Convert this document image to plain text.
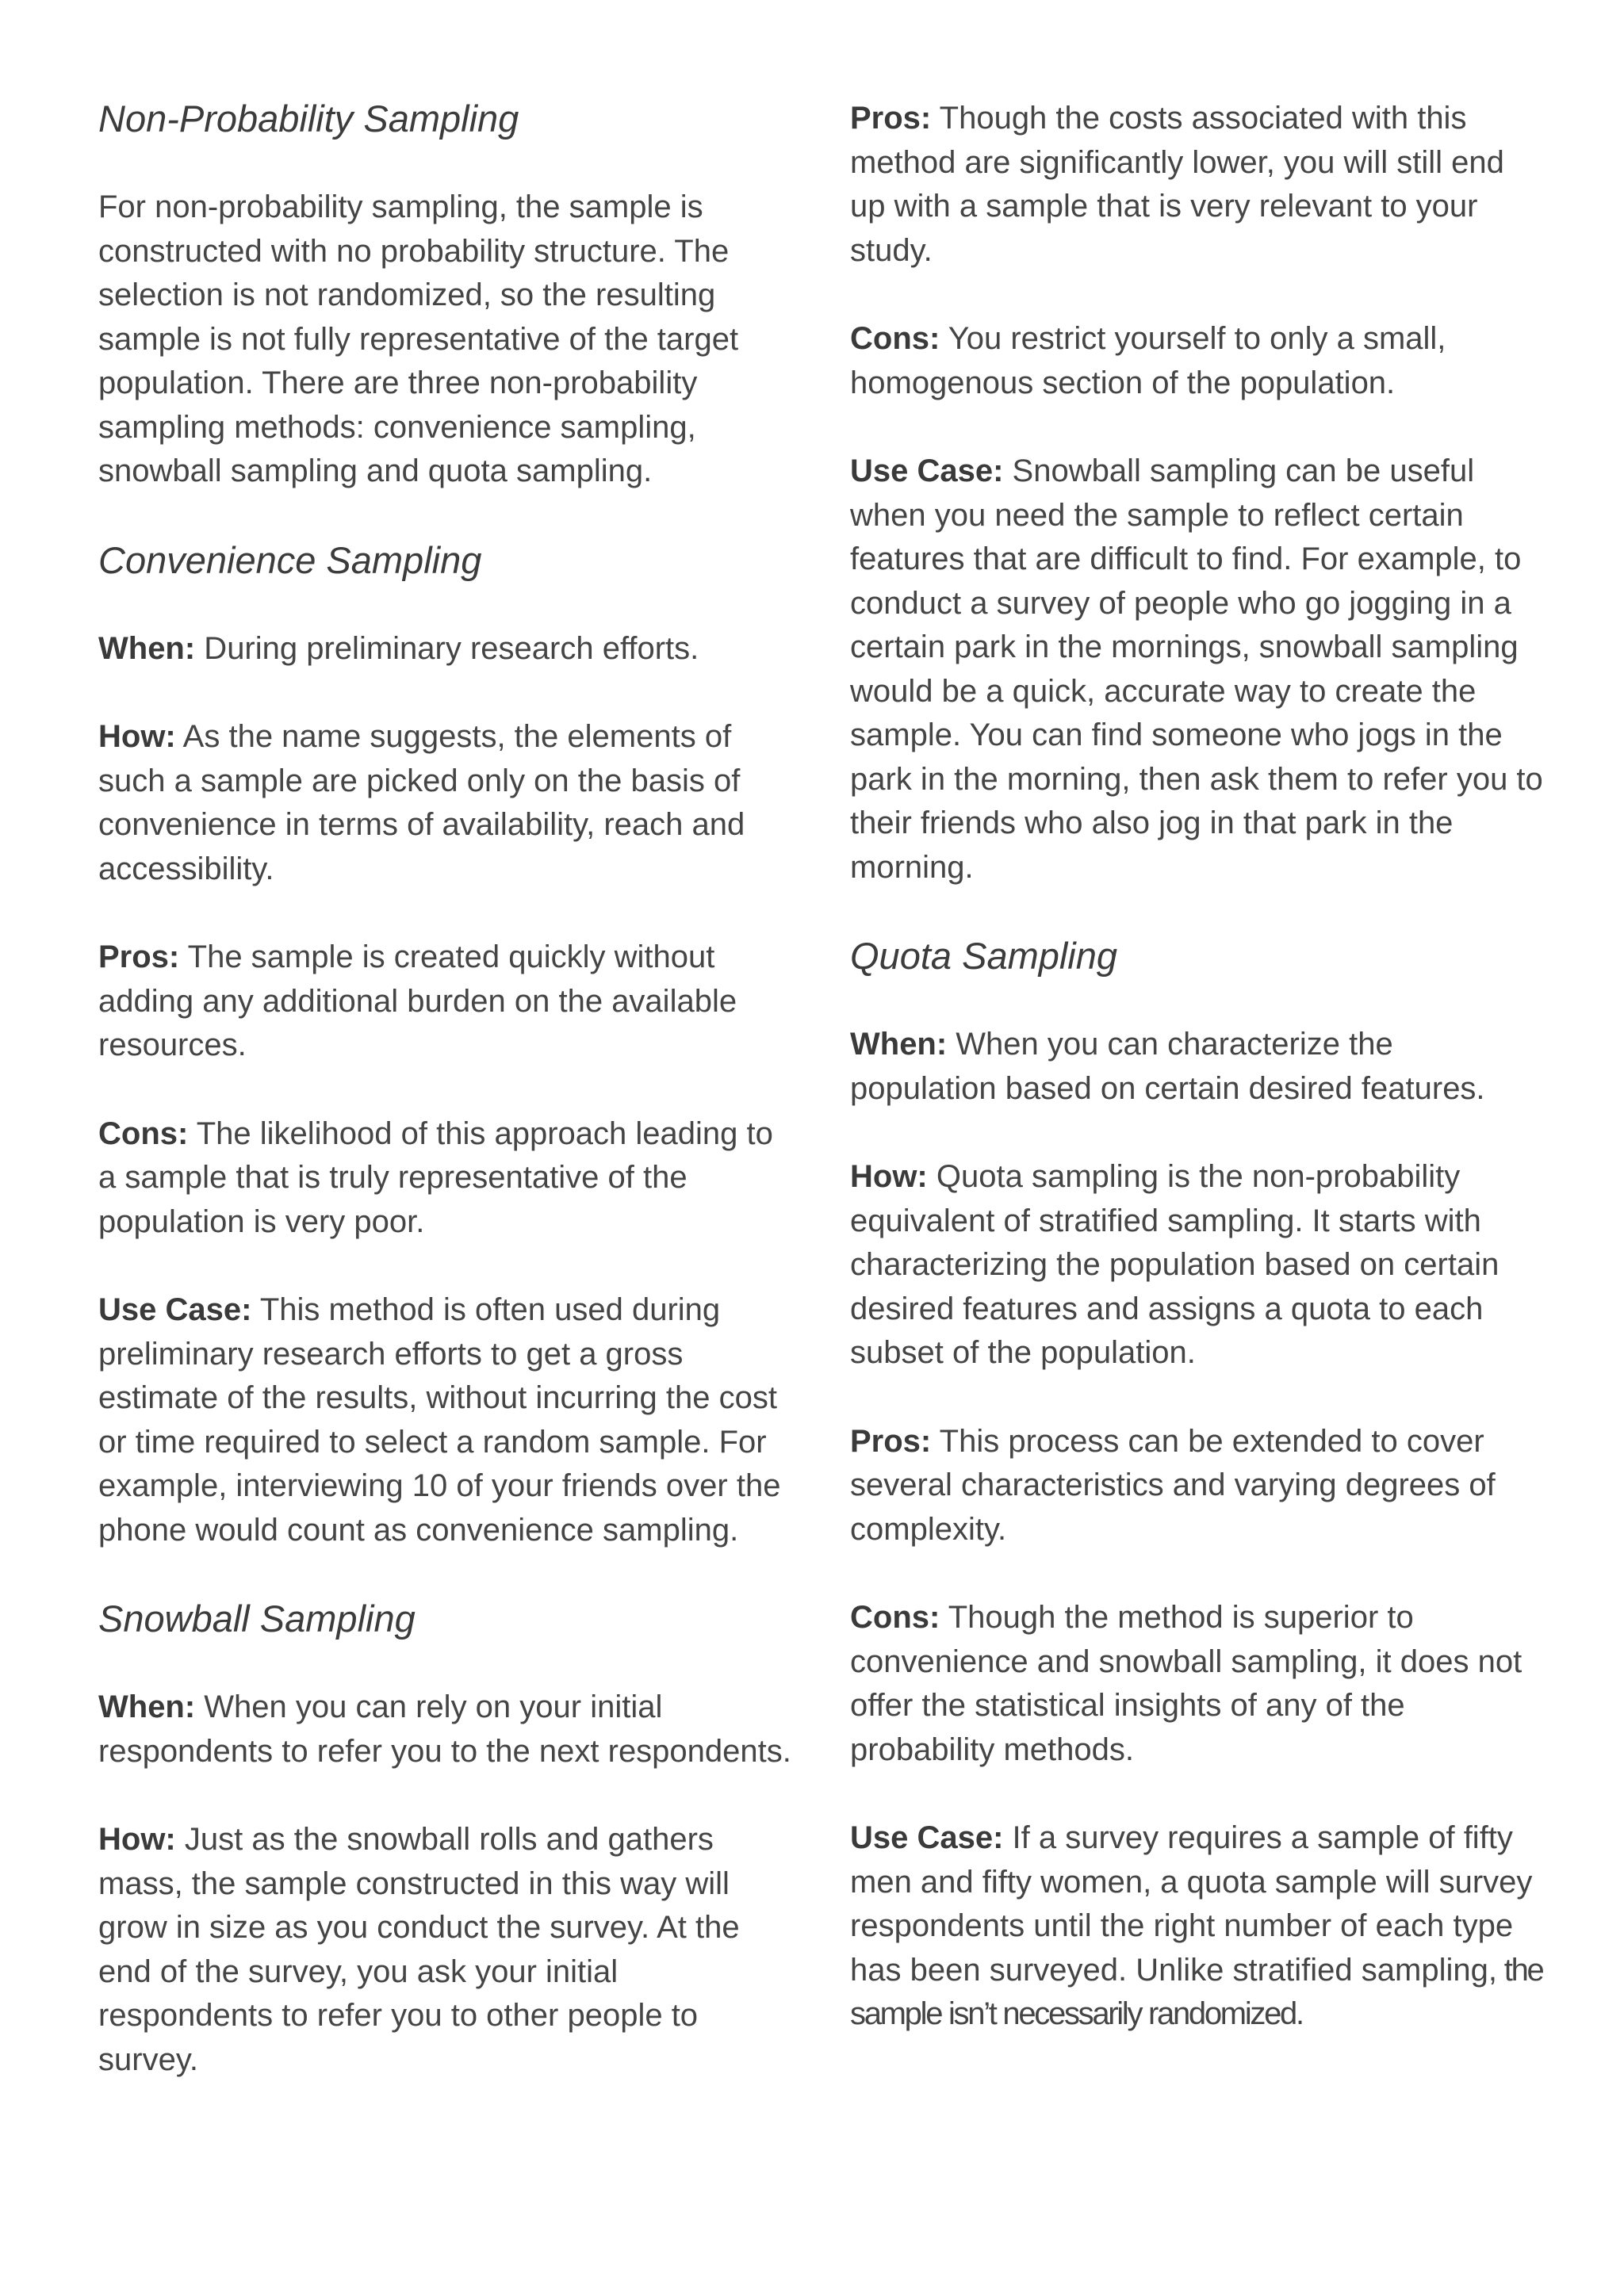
Non-Probability Sampling

For non-probability sampling, the sample is constructed with no probability structure. The selection is not randomized, so the resulting sample is not fully representative of the target population. There are three non-probability sampling methods: convenience sampling, snowball sampling and quota sampling.

Convenience Sampling

When: During preliminary research efforts.

How: As the name suggests, the elements of such a sample are picked only on the basis of convenience in terms of availability, reach and accessibility.

Pros: The sample is created quickly without adding any additional burden on the available resources.

Cons: The likelihood of this approach leading to a sample that is truly representative of the population is very poor.

Use Case: This method is often used during preliminary research efforts to get a gross estimate of the results, without incurring the cost or time required to select a random sample. For example, interviewing 10 of your friends over the phone would count as convenience sampling.

Snowball Sampling

When: When you can rely on your initial respondents to refer you to the next respondents.

How: Just as the snowball rolls and gathers mass, the sample constructed in this way will grow in size as you conduct the survey. At the end of the survey, you ask your initial respondents to refer you to other people to survey.

Pros: Though the costs associated with this method are significantly lower, you will still end up with a sample that is very relevant to your study.

Cons: You restrict yourself to only a small, homogenous section of the population.

Use Case: Snowball sampling can be useful when you need the sample to reflect certain features that are difficult to find. For example, to conduct a survey of people who go jogging in a certain park in the mornings, snowball sampling would be a quick, accurate way to create the sample. You can find someone who jogs in the park in the morning, then ask them to refer you to their friends who also jog in that park in the morning.

Quota Sampling

When: When you can characterize the population based on certain desired features.

How: Quota sampling is the non-probability equivalent of stratified sampling. It starts with characterizing the population based on certain desired features and assigns a quota to each subset of the population.

Pros: This process can be extended to cover several characteristics and varying degrees of complexity.

Cons: Though the method is superior to convenience and snowball sampling, it does not offer the statistical insights of any of the probability methods.

Use Case: If a survey requires a sample of fifty men and fifty women, a quota sample will survey respondents until the right number of each type has been surveyed. Unlike stratified sampling, the sample isn’t necessarily randomized.
